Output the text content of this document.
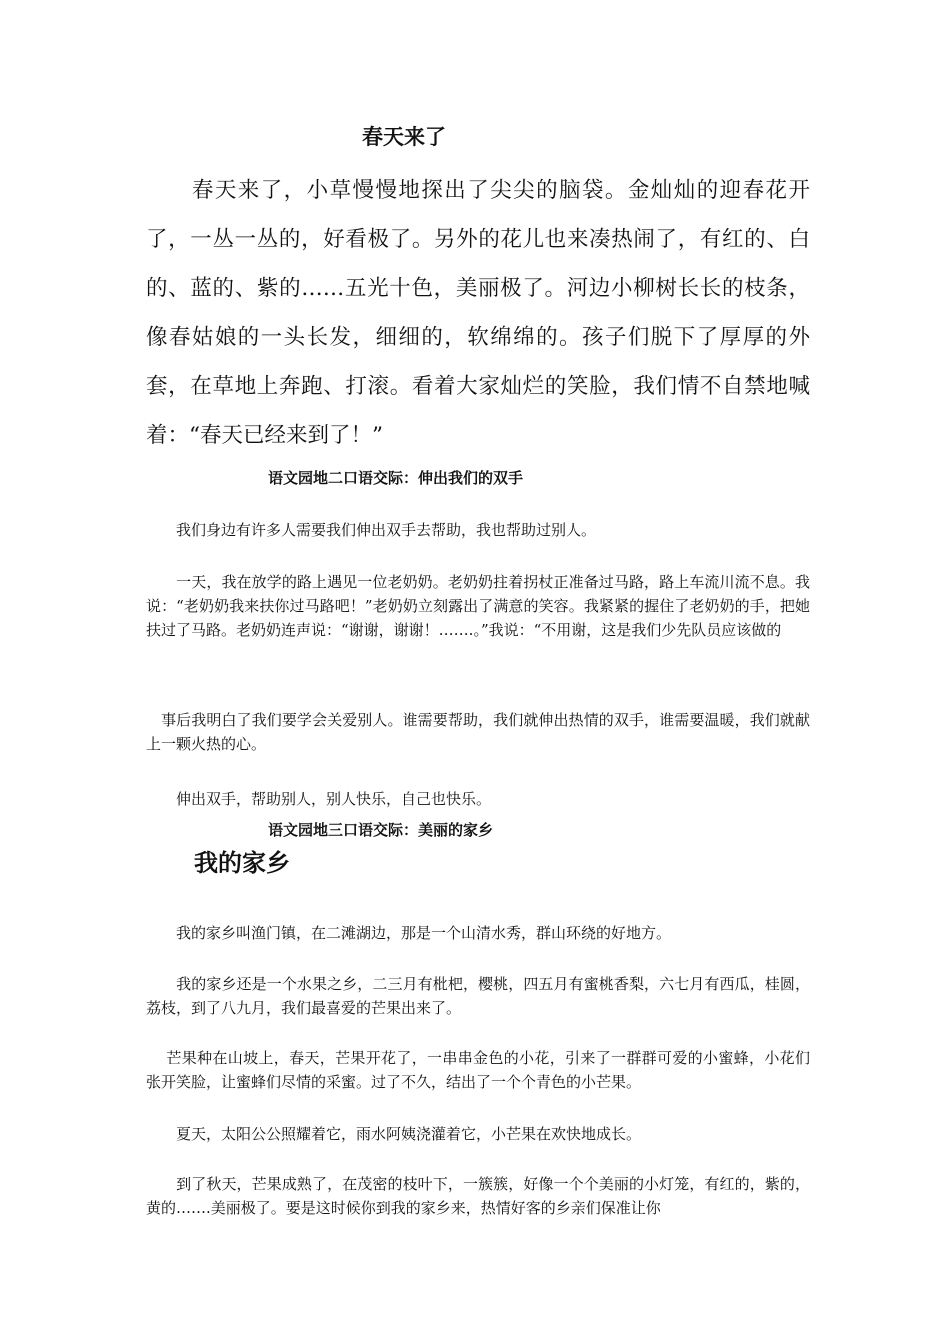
春天来了

　　春天来了，小草慢慢地探出了尖尖的脑袋。金灿灿的迎春花开了，一丛一丛的，好看极了。另外的花儿也来凑热闹了，有红的、白的、蓝的、紫的……五光十色，美丽极了。河边小柳树长长的枝条，像春姑娘的一头长发，细细的，软绵绵的。孩子们脱下了厚厚的外套，在草地上奔跑、打滚。看着大家灿烂的笑脸，我们情不自禁地喊着：“春天已经来到了！”

语文园地二口语交际：伸出我们的双手

　　我们身边有许多人需要我们伸出双手去帮助，我也帮助过别人。

　　一天，我在放学的路上遇见一位老奶奶。老奶奶拄着拐杖正准备过马路，路上车流川流不息。我说：“老奶奶我来扶你过马路吧！”老奶奶立刻露出了满意的笑容。我紧紧的握住了老奶奶的手，把她扶过了马路。老奶奶连声说：“谢谢，谢谢！…….。”我说：“不用谢，这是我们少先队员应该做的

　事后我明白了我们要学会关爱别人。谁需要帮助，我们就伸出热情的双手，谁需要温暖，我们就献上一颗火热的心。

　　伸出双手，帮助别人，别人快乐，自己也快乐。

语文园地三口语交际：美丽的家乡
我的家乡

　　我的家乡叫渔门镇，在二滩湖边，那是一个山清水秀，群山环绕的好地方。

　　我的家乡还是一个水果之乡，二三月有枇杷，樱桃，四五月有蜜桃香梨，六七月有西瓜，桂圆，荔枝，到了八九月，我们最喜爱的芒果出来了。

　 芒果种在山坡上，春天，芒果开花了，一串串金色的小花，引来了一群群可爱的小蜜蜂，小花们张开笑脸，让蜜蜂们尽情的采蜜。过了不久，结出了一个个青色的小芒果。

　　夏天，太阳公公照耀着它，雨水阿姨浇灌着它，小芒果在欢快地成长。

　　到了秋天，芒果成熟了，在茂密的枝叶下，一簇簇，好像一个个美丽的小灯笼，有红的，紫的，黄的…….美丽极了。要是这时候你到我的家乡来，热情好客的乡亲们保准让你
